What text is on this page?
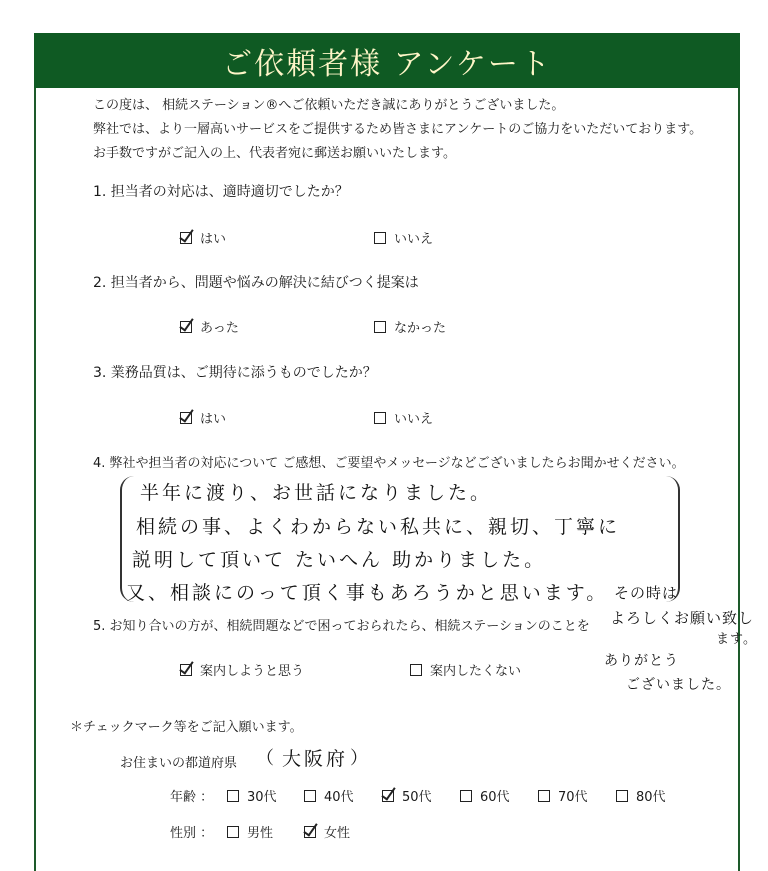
ご依頼者様 アンケート
この度は、 相続ステーション®へご依頼いただき誠にありがとうございました。
弊社では、より一層高いサービスをご提供するため皆さまにアンケートのご協力をいただいております。
お手数ですがご記入の上、代表者宛に郵送お願いいたします。
1. 担当者の対応は、適時適切でしたか？
はい	いいえ
2. 担当者から、問題や悩みの解決に結びつく提案は
あった	なかった
3. 業務品質は、ご期待に添うものでしたか？
はい	いいえ
4. 弊社や担当者の対応について ご感想、ご要望やメッセージなどございましたらお聞かせください。
半年に渡り、お世話になりました。
相続の事、よくわからない私共に、親切、丁寧に
説明して頂いて たいへん 助かりました。
又、相談にのって頂く事もあろうかと思います。 その時は
よろしくお願い致し
ます。
ありがとう
ございました。
5. お知り合いの方が、相続問題などで困っておられたら、相続ステーションのことを
案内しようと思う	案内したくない
＊チェックマーク等をご記入願います。
お住まいの都道府県 （ 大阪府 ）
年齢 ：	30代	40代	50代	60代	70代	80代
性別 ：	男性	女性
